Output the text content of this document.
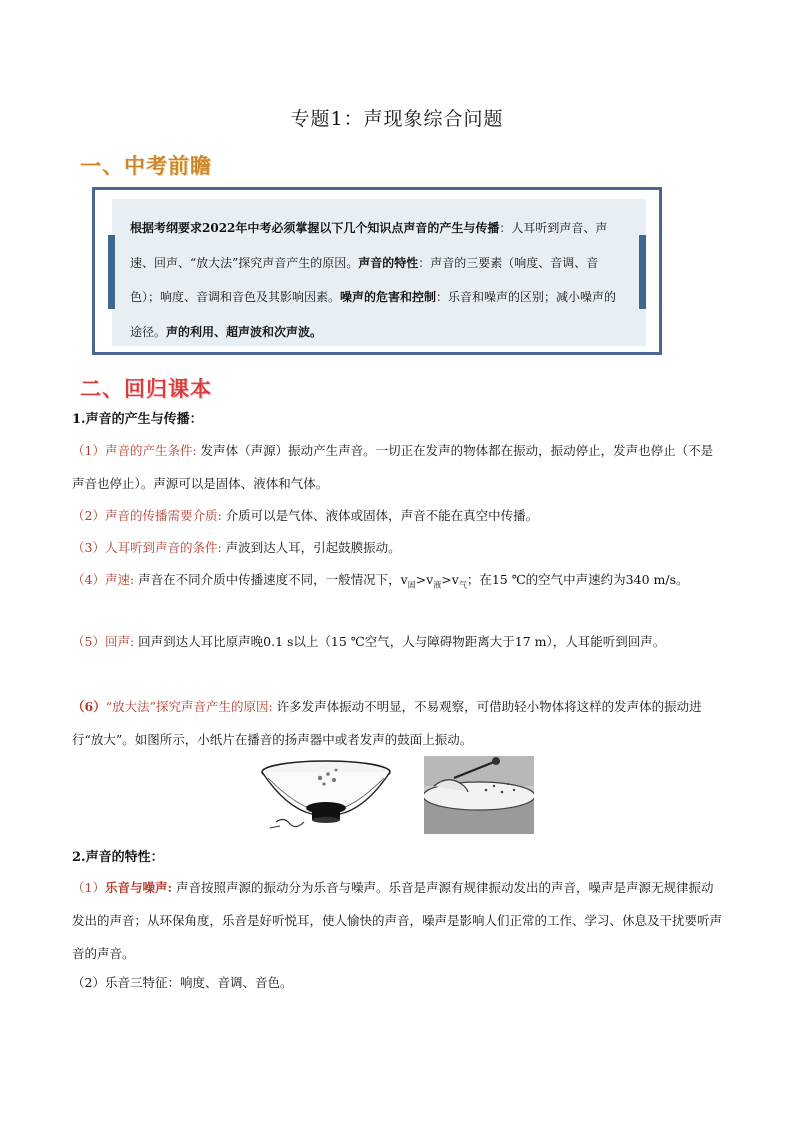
专题1：声现象综合问题
一、中考前瞻

根据考纲要求2022年中考必须掌握以下几个知识点声音的产生与传播：人耳听到声音、声速、回声、“放大法”探究声音产生的原因。声音的特性：声音的三要素（响度、音调、音色）；响度、音调和音色及其影响因素。噪声的危害和控制：乐音和噪声的区别；减小噪声的途径。声的利用、超声波和次声波。

二、回归课本
1.声音的产生与传播：

（1）声音的产生条件: 发声体（声源）振动产生声音。一切正在发声的物体都在振动，振动停止，发声也停止（不是声音也停止）。声源可以是固体、液体和气体。

（2）声音的传播需要介质: 介质可以是气体、液体或固体，声音不能在真空中传播。

（3）人耳听到声音的条件: 声波到达人耳，引起鼓膜振动。

（4）声速: 声音在不同介质中传播速度不同，一般情况下，$v_固>v_液>v_气$；在15 ℃的空气中声速约为340 m/s。

（5）回声: 回声到达人耳比原声晚0.1 s以上（15 ℃空气，人与障碍物距离大于17 m），人耳能听到回声。

（6）“放大法”探究声音产生的原因: 许多发声体振动不明显，不易观察，可借助轻小物体将这样的发声体的振动进行“放大”。如图所示，小纸片在播音的扬声器中或者发声的鼓面上振动。

2.声音的特性：

（1）乐音与噪声: 声音按照声源的振动分为乐音与噪声。乐音是声源有规律振动发出的声音，噪声是声源无规律振动发出的声音；从环保角度，乐音是好听悦耳，使人愉快的声音，噪声是影响人们正常的工作、学习、休息及干扰要听声音的声音。

（2）乐音三特征：响度、音调、音色。
